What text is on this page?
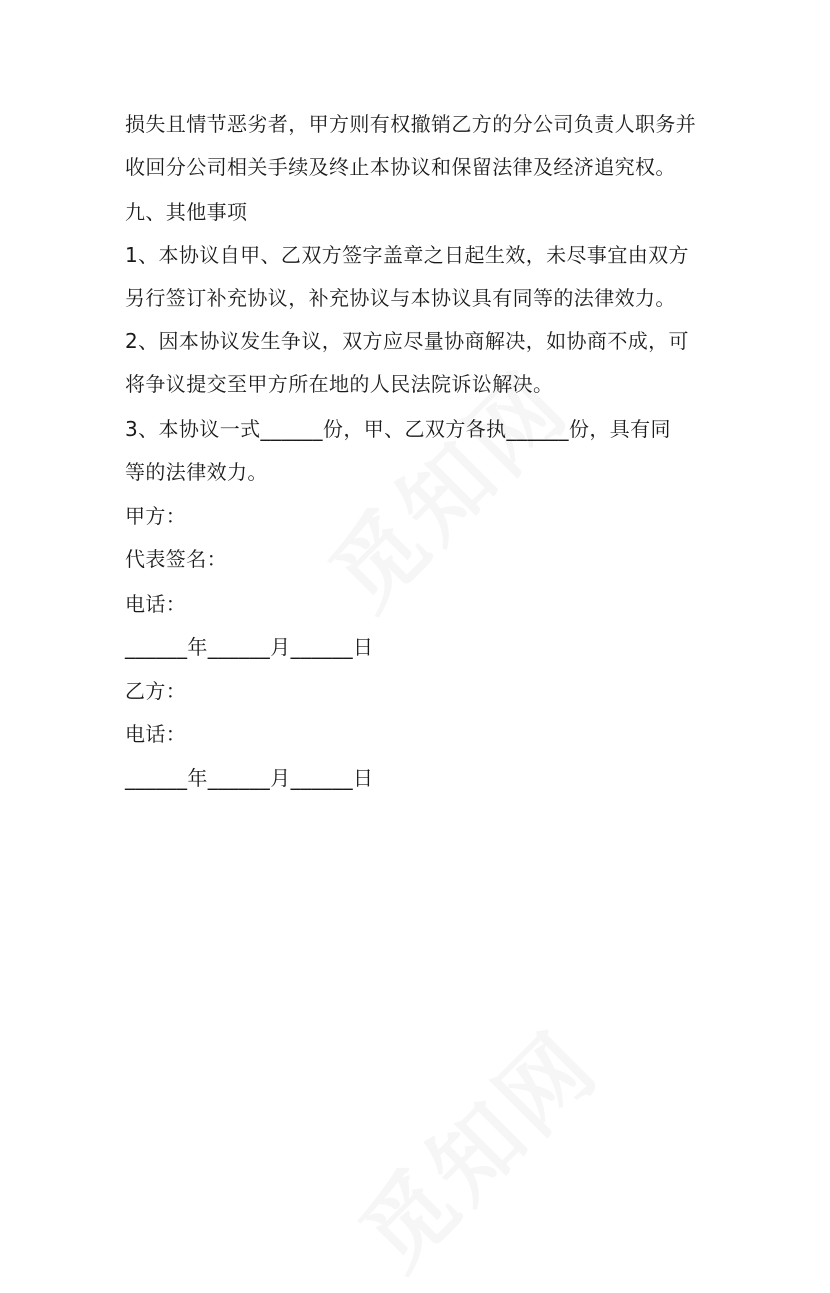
损失且情节恶劣者，甲方则有权撤销乙方的分公司负责人职务并
收回分公司相关手续及终止本协议和保留法律及经济追究权。
九、其他事项
1、本协议自甲、乙双方签字盖章之日起生效，未尽事宜由双方
另行签订补充协议，补充协议与本协议具有同等的法律效力。
2、因本协议发生争议，双方应尽量协商解决，如协商不成，可
将争议提交至甲方所在地的人民法院诉讼解决。
3、本协议一式______份，甲、乙双方各执______份，具有同
等的法律效力。
甲方：
代表签名：
电话：
______年______月______日
乙方：
电话：
______年______月______日
